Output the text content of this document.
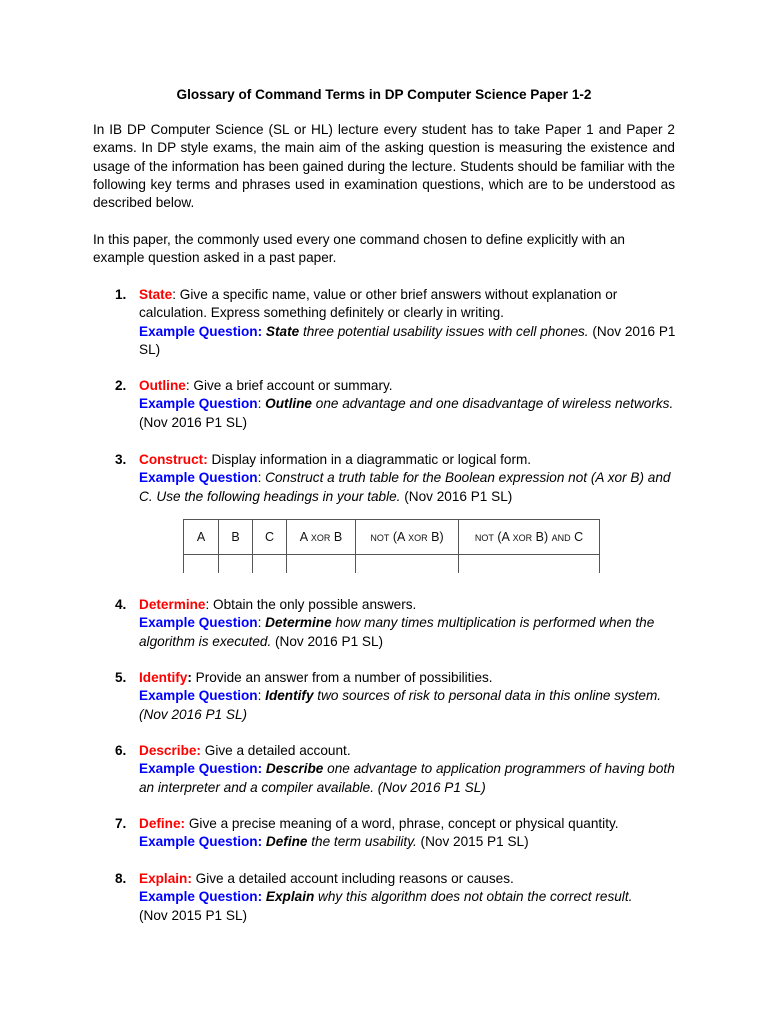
Glossary of Command Terms in DP Computer Science Paper 1-2

In IB DP Computer Science (SL or HL) lecture every student has to take Paper 1 and Paper 2 exams. In DP style exams, the main aim of the asking question is measuring the existence and usage of the information has been gained during the lecture. Students should be familiar with the following key terms and phrases used in examination questions, which are to be understood as described below.

In this paper, the commonly used every one command chosen to define explicitly with an example question asked in a past paper.

1. State: Give a specific name, value or other brief answers without explanation or calculation. Express something definitely or clearly in writing.
Example Question: State three potential usability issues with cell phones. (Nov 2016 P1 SL)
2. Outline: Give a brief account or summary.
Example Question: Outline one advantage and one disadvantage of wireless networks. (Nov 2016 P1 SL)
3. Construct: Display information in a diagrammatic or logical form.
Example Question: Construct a truth table for the Boolean expression not (A xor B) and C. Use the following headings in your table. (Nov 2016 P1 SL)
A	B	C	A xor B	not (A xor B)	not (A xor B) and C

4. Determine: Obtain the only possible answers.
Example Question: Determine how many times multiplication is performed when the algorithm is executed. (Nov 2016 P1 SL)
5. Identify: Provide an answer from a number of possibilities.
Example Question: Identify two sources of risk to personal data in this online system. (Nov 2016 P1 SL)
6. Describe: Give a detailed account.
Example Question: Describe one advantage to application programmers of having both an interpreter and a compiler available. (Nov 2016 P1 SL)
7. Define: Give a precise meaning of a word, phrase, concept or physical quantity.
Example Question: Define the term usability. (Nov 2015 P1 SL)
8. Explain: Give a detailed account including reasons or causes.
Example Question: Explain why this algorithm does not obtain the correct result.
(Nov 2015 P1 SL)
